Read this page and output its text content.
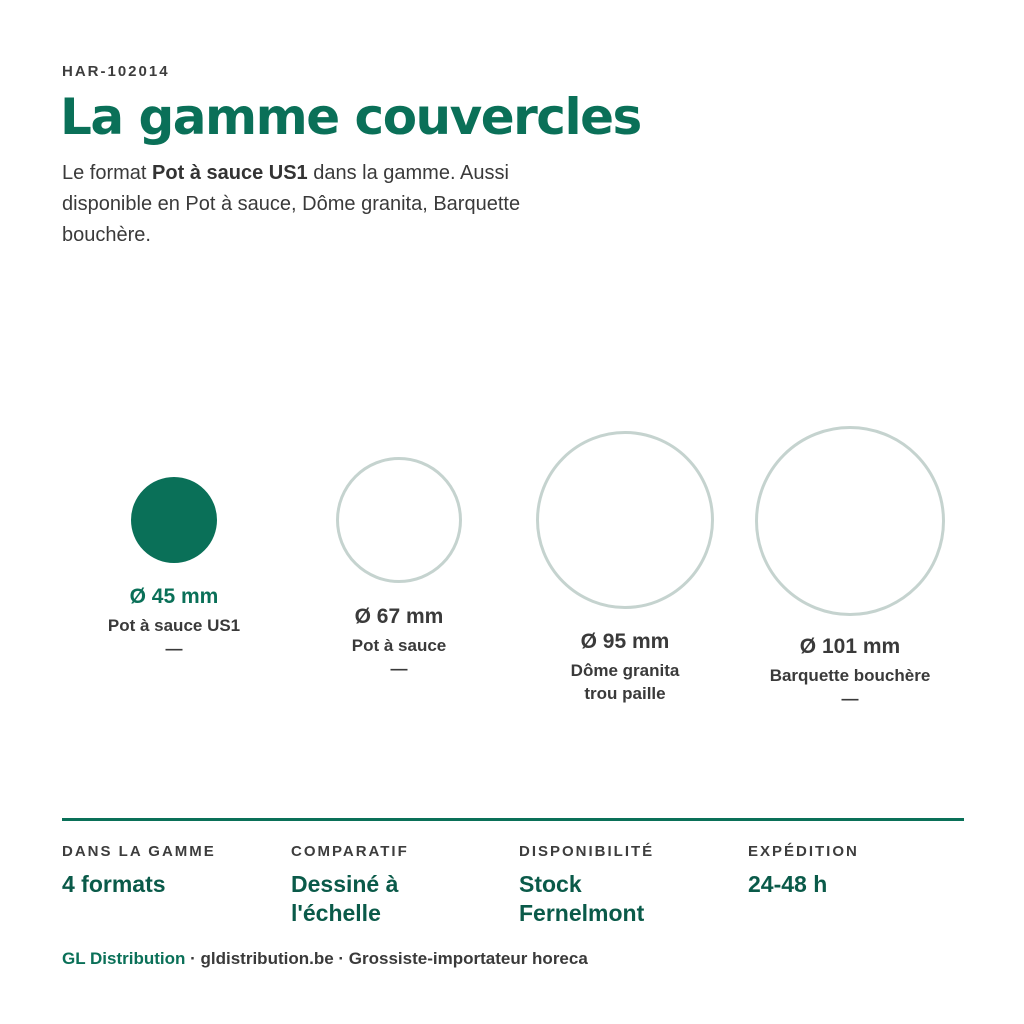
HAR-102014
La gamme couvercles

Le format Pot à sauce US1 dans la gamme. Aussi disponible en Pot à sauce, Dôme granita, Barquette bouchère.

Ø 45 mm
Pot à sauce US1
—
Ø 67 mm
Pot à sauce
—
Ø 95 mm
Dôme granita
trou paille
Ø 101 mm
Barquette bouchère
—
DANS LA GAMME
4 formats
COMPARATIF
Dessiné à l'échelle
DISPONIBILITÉ
Stock Fernelmont
EXPÉDITION
24-48 h
GL Distribution · gldistribution.be · Grossiste-importateur horeca
